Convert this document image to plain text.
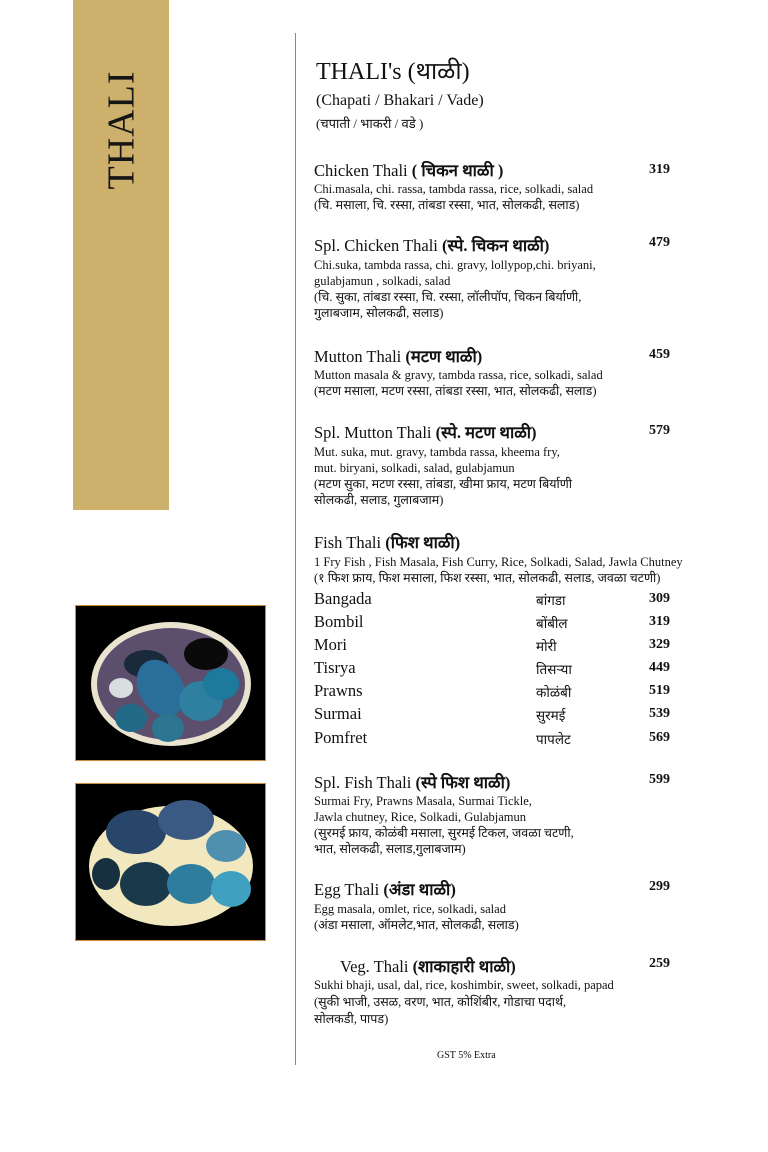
THALI	THALI's (थाळी)
(Chapati / Bhakari / Vade)
(चपाती / भाकरी / वडे )
Chicken Thali ( चिकन थाळी )	319
Chi.masala, chi. rassa, tambda rassa, rice, solkadi, salad
(चि. मसाला, चि. रस्सा, तांबडा रस्सा, भात, सोलकढी, सलाड)
Spl. Chicken Thali (स्पे. चिकन थाळी)	479
Chi.suka, tambda rassa, chi. gravy, lollypop,chi. briyani,
gulabjamun , solkadi, salad
(चि. सुका, तांबडा रस्सा, चि. रस्सा, लॉलीपॉप, चिकन बिर्याणी,
गुलाबजाम, सोलकढी, सलाड)
Mutton Thali (मटण थाळी)	459
Mutton masala & gravy, tambda rassa, rice, solkadi, salad
(मटण मसाला, मटण रस्सा, तांबडा रस्सा, भात, सोलकढी, सलाड)
Spl. Mutton Thali (स्पे. मटण थाळी)	579
Mut. suka, mut. gravy, tambda rassa, kheema fry,
mut. biryani, solkadi, salad, gulabjamun
(मटण सुका, मटण रस्सा, तांबडा, खीमा फ्राय, मटण बिर्याणी
सोलकढी, सलाड, गुलाबजाम)
Fish Thali (फिश थाळी)
1 Fry Fish , Fish Masala, Fish Curry, Rice, Solkadi, Salad, Jawla Chutney
(१ फिश फ्राय, फिश मसाला, फिश रस्सा, भात, सोलकढी, सलाड, जवळा चटणी)
Bangada	बांगडा	309
Bombil	बोंबील	319
Mori	मोरी	329
Tisrya	तिसऱ्या	449
Prawns	कोळंबी	519
Surmai	सुरमई	539
Pomfret	पापलेट	569
Spl. Fish Thali (स्पे फिश थाळी)	599
Surmai Fry, Prawns Masala, Surmai Tickle,
Jawla chutney, Rice, Solkadi, Gulabjamun
(सुरमई फ्राय, कोळंबी मसाला, सुरमई टिकल, जवळा चटणी,
भात, सोलकढी, सलाड,गुलाबजाम)
Egg Thali (अंडा थाळी)	299
Egg masala, omlet, rice, solkadi, salad
(अंडा मसाला, ऑमलेट,भात, सोलकढी, सलाड)
Veg. Thali (शाकाहारी थाळी)	259
Sukhi bhaji, usal, dal, rice, koshimbir, sweet, solkadi, papad
(सुकी भाजी, उसळ, वरण, भात, कोशिंबीर, गोडाचा पदार्थ,
सोलकडी, पापड)
GST 5% Extra
